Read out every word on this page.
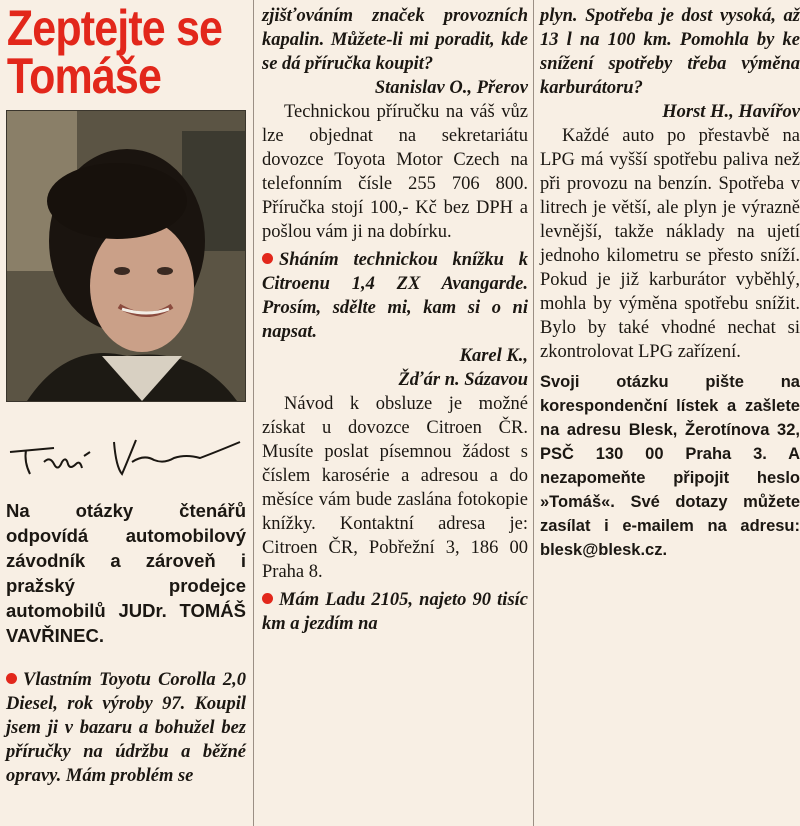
Zeptejte se
Tomáše
Na otázky čtenářů odpovídá automobilový závodník a zároveň i pražský prodejce automobilů JUDr. TOMÁŠ VAVŘINEC.
Vlastním Toyotu Corolla 2,0 Diesel, rok výroby 97. Koupil jsem ji v bazaru a bohužel bez příručky na údržbu a běžné opravy. Mám problém se
zjišťováním značek provozních kapalin. Můžete-li mi poradit, kde se dá příručka koupit?
Stanislav O., Přerov
Technickou příručku na váš vůz lze objednat na sekretariátu dovozce Toyota Motor Czech na telefonním čísle 255 706 800. Příručka stojí 100,- Kč bez DPH a pošlou vám ji na dobírku.
Sháním technickou knížku k Citroenu 1,4 ZX Avangarde. Prosím, sdělte mi, kam si o ni napsat.
Karel K.,
Žďár n. Sázavou
Návod k obsluze je možné získat u dovozce Citroen ČR. Musíte poslat písemnou žádost s číslem karosérie a adresou a do měsíce vám bude zaslána fotokopie knížky. Kontaktní adresa je: Citroen ČR, Pobřežní 3, 186 00 Praha 8.
Mám Ladu 2105, najeto 90 tisíc km a jezdím na
plyn. Spotřeba je dost vysoká, až 13 l na 100 km. Pomohla by ke snížení spotřeby třeba výměna karburátoru?
Horst H., Havířov
Každé auto po přestavbě na LPG má vyšší spotřebu paliva než při provozu na benzín. Spotřeba v litrech je větší, ale plyn je výrazně levnější, takže náklady na ujetí jednoho kilometru se přesto sníží. Pokud je již karburátor vyběhlý, mohla by výměna spotřebu snížit. Bylo by také vhodné nechat si zkontrolovat LPG zařízení.
Svoji otázku pište na korespondenční lístek a zašlete na adresu Blesk, Žerotínova 32, PSČ 130 00 Praha 3. A nezapomeňte připojit heslo »Tomáš«. Své dotazy můžete zasílat i e-mailem na adresu: blesk@blesk.cz.
